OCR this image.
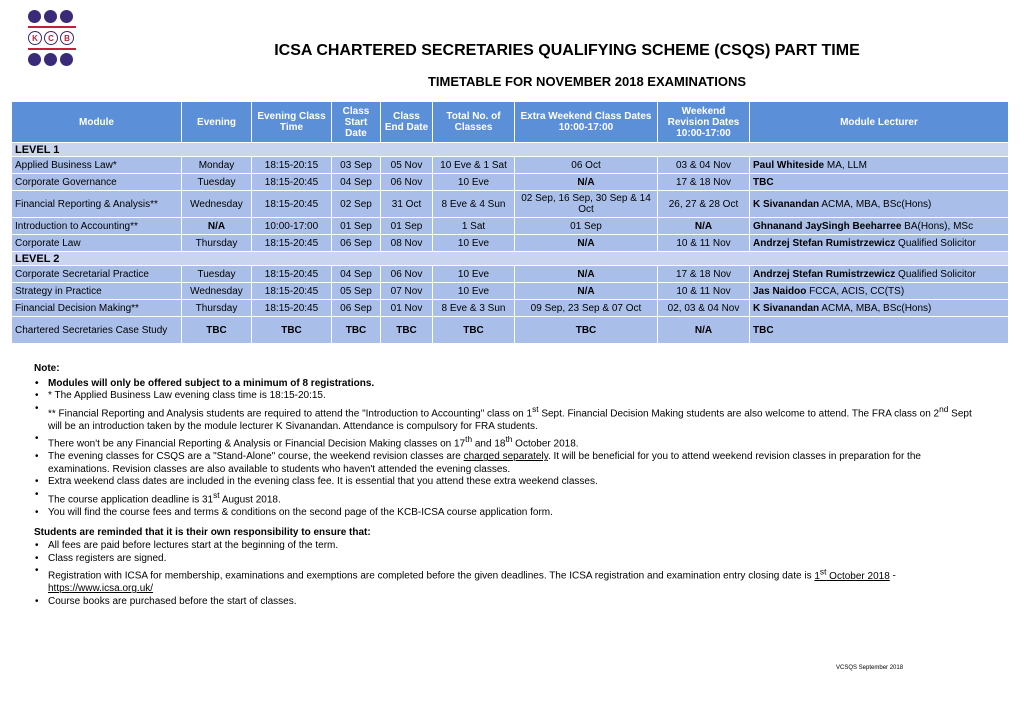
K	C	B
ICSA CHARTERED SECRETARIES QUALIFYING SCHEME (CSQS) PART TIME
TIMETABLE FOR NOVEMBER 2018 EXAMINATIONS
Module	Evening	Evening Class Time	Class Start Date	Class End Date	Total No. of Classes	Extra Weekend Class Dates 10:00-17:00	Weekend Revision Dates 10:00-17:00	Module Lecturer
LEVEL 1								
Applied Business Law*	Monday	18:15-20:15	03 Sep	05 Nov	10 Eve & 1 Sat	06 Oct	03 & 04 Nov	Paul Whiteside MA, LLM
Corporate Governance	Tuesday	18:15-20:45	04 Sep	06 Nov	10 Eve	N/A	17 & 18 Nov	TBC
Financial Reporting & Analysis**	Wednesday	18:15-20:45	02 Sep	31 Oct	8 Eve & 4 Sun	02 Sep, 16 Sep, 30 Sep & 14 Oct	26, 27 & 28 Oct	K Sivanandan ACMA, MBA, BSc(Hons)
Introduction to Accounting**	N/A	10:00-17:00	01 Sep	01 Sep	1 Sat	01 Sep	N/A	Ghnanand JaySingh Beeharree BA(Hons), MSc
Corporate Law	Thursday	18:15-20:45	06 Sep	08 Nov	10 Eve	N/A	10 & 11 Nov	Andrzej Stefan Rumistrzewicz Qualified Solicitor
LEVEL 2								
Corporate Secretarial Practice	Tuesday	18:15-20:45	04 Sep	06 Nov	10 Eve	N/A	17 & 18 Nov	Andrzej Stefan Rumistrzewicz Qualified Solicitor
Strategy in Practice	Wednesday	18:15-20:45	05 Sep	07 Nov	10 Eve	N/A	10 & 11 Nov	Jas Naidoo FCCA, ACIS, CC(TS)
Financial Decision Making**	Thursday	18:15-20:45	06 Sep	01 Nov	8 Eve & 3 Sun	09 Sep, 23 Sep & 07 Oct	02, 03 & 04 Nov	K Sivanandan ACMA, MBA, BSc(Hons)
Chartered Secretaries Case Study	TBC	TBC	TBC	TBC	TBC	TBC	N/A	TBC
Note:
• Modules will only be offered subject to a minimum of 8 registrations.
• * The Applied Business Law evening class time is 18:15-20:15.
• ** Financial Reporting and Analysis students are required to attend the "Introduction to Accounting" class on 1st Sept. Financial Decision Making students are also welcome to attend. The FRA class on 2nd Sept will be an introduction taken by the module lecturer K Sivanandan. Attendance is compulsory for FRA students.
• There won't be any Financial Reporting & Analysis or Financial Decision Making classes on 17th and 18th October 2018.
• The evening classes for CSQS are a "Stand-Alone" course, the weekend revision classes are charged separately. It will be beneficial for you to attend weekend revision classes in preparation for the examinations. Revision classes are also available to students who haven't attended the evening classes.
• Extra weekend class dates are included in the evening class fee. It is essential that you attend these extra weekend classes.
• The course application deadline is 31st August 2018.
• You will find the course fees and terms & conditions on the second page of the KCB-ICSA course application form.
Students are reminded that it is their own responsibility to ensure that:
• All fees are paid before lectures start at the beginning of the term.
• Class registers are signed.
• Registration with ICSA for membership, examinations and exemptions are completed before the given deadlines. The ICSA registration and examination entry closing date is 1st October 2018 - https://www.icsa.org.uk/
• Course books are purchased before the start of classes.
VCSQS September 2018
